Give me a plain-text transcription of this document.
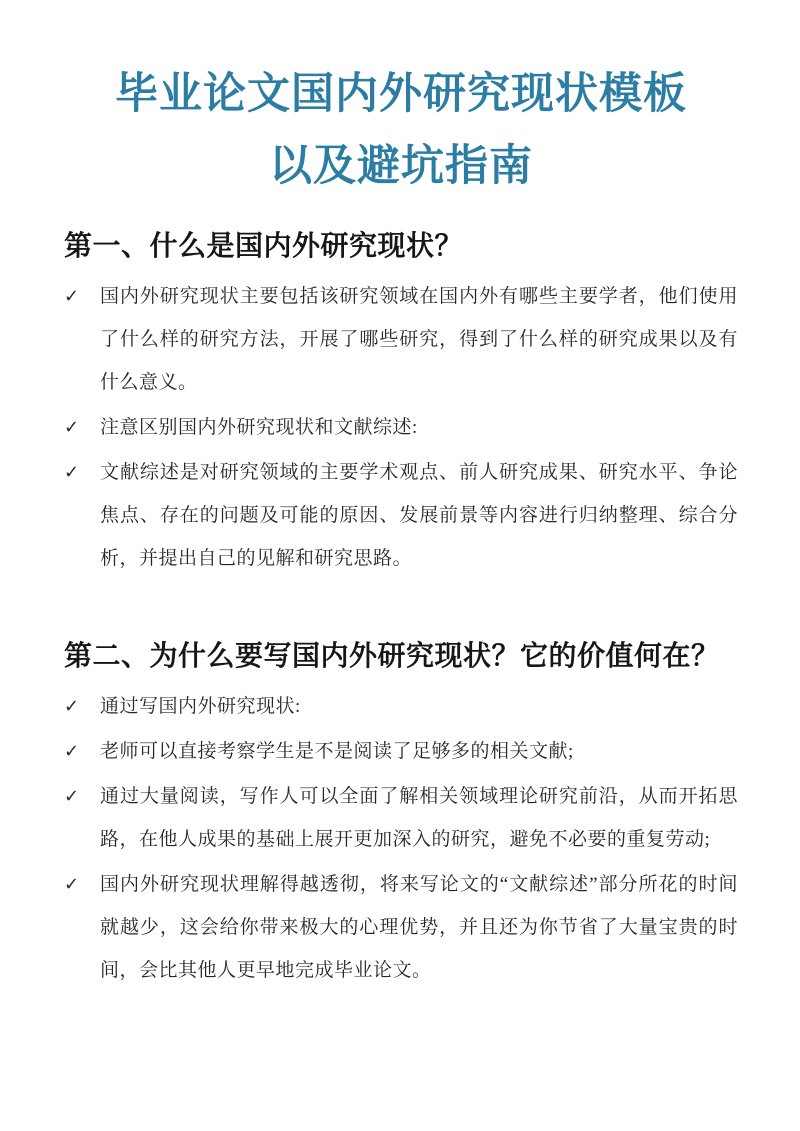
毕业论文国内外研究现状模板
以及避坑指南
第一、什么是国内外研究现状？
✓	国内外研究现状主要包括该研究领域在国内外有哪些主要学者，他们使用了什么样的研究方法，开展了哪些研究，得到了什么样的研究成果以及有什么意义。

✓	注意区别国内外研究现状和文献综述:

✓	文献综述是对研究领域的主要学术观点、前人研究成果、研究水平、争论焦点、存在的问题及可能的原因、发展前景等内容进行归纳整理、综合分析，并提出自己的见解和研究思路。

第二、为什么要写国内外研究现状？它的价值何在？
✓	通过写国内外研究现状:

✓	老师可以直接考察学生是不是阅读了足够多的相关文献;

✓	通过大量阅读，写作人可以全面了解相关领域理论研究前沿，从而开拓思路，在他人成果的基础上展开更加深入的研究，避免不必要的重复劳动;

✓	国内外研究现状理解得越透彻，将来写论文的“文献综述”部分所花的时间就越少，这会给你带来极大的心理优势，并且还为你节省了大量宝贵的时间，会比其他人更早地完成毕业论文。
